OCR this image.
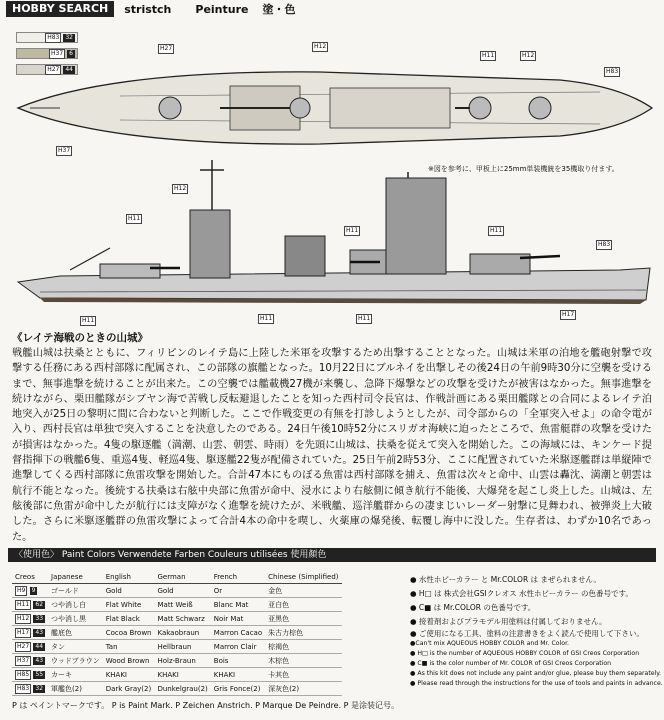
HOBBY SEARCH	stristch Peinture 塗・色
H83	32
H37	6
H27	44
H27	H12
H11	H12
H83
H37
※図を参考に、甲板上に25mm単装機銃を35機取り付ます。
H12
H11
H11	H11
H83
H11	H11	H11
H17
《レイテ海戦のときの山城》
戦艦山城は扶桑とともに、フィリピンのレイテ島に上陸した米軍を攻撃するため出撃することとなった。山城は米軍の泊地を艦砲射撃で攻撃する任務にある西村部隊に配属され、この部隊の旗艦となった。10月22日にブルネイを出撃しその後24日の午前9時30分に空襲を受けるまで、無事進撃を続けることが出来た。この空襲では艦載機27機が来襲し、急降下爆撃などの攻撃を受けたが被害はなかった。無事進撃を続けながら、栗田艦隊がシブヤン海で苦戦し反転避退したことを知った西村司令長官は、作戦計画にある栗田艦隊との合同によるレイテ泊地突入が25日の黎明に間に合わないと判断した。ここで作戦変更の有無を打診しようとしたが、司令部からの「全軍突入せよ」の命令電が入り、西村長官は単独で突入することを決意したのである。24日午後10時52分にスリガオ海峡に迫ったところで、魚雷艇群の攻撃を受けたが損害はなかった。4隻の駆逐艦（満潮、山雲、朝雲、時雨）を先頭に山城は、扶桑を従えて突入を開始した。この海域には、キンケード提督指揮下の戦艦6隻、重巡4隻、軽巡4隻、駆逐艦22隻が配備されていた。25日午前2時53分、ここに配置されていた米駆逐艦群は単縦陣で進撃してくる西村部隊に魚雷攻撃を開始した。合計47本にものぼる魚雷は西村部隊を捕え、魚雷は次々と命中、山雲は轟沈、満潮と朝雲は航行不能となった。後続する扶桑は右舷中央部に魚雷が命中、浸水により右舷側に傾き航行不能後、大爆発を起こし炎上した。山城は、左舷後部に魚雷が命中したが航行には支障がなく進撃を続けたが、米戦艦、巡洋艦群からの凄まじいレーダー射撃に見舞われ、被弾炎上大破した。さらに米駆逐艦群の魚雷攻撃によって合計4本の命中を喫し、火薬庫の爆発後、転覆し海中に没した。生存者は、わずか10名であった。
〈使用色〉 Paint Colors Verwendete Farben Couleurs utilisées 使用顏色
Creos	Japanese	English	German	French	Chinese (Simplified)
H9 9	ゴールド	Gold	Gold	Or	金色
H11 62	つや消し白	Flat White	Matt Weiß	Blanc Mat	亚白色
H12 33	つや消し黒	Flat Black	Matt Schwarz	Noir Mat	亚黑色
H17 43	艦底色	Cocoa Brown	Kakaobraun	Marron Cacao	朱古力棕色
H27 44	タン	Tan	Hellbraun	Marron Clair	棕褐色
H37 43	ウッドブラウン	Wood Brown	Holz-Braun	Bois	木棕色
H85 55	カーキ	KHAKI	KHAKI	KHAKI	卡其色
H83 32	軍艦色(2)	Dark Gray(2)	Dunkelgrau(2)	Gris Fonce(2)	深灰色(2)
● 水性ホビーカラー と Mr.COLOR は まぜられません。
● H□ は 株式会社GSIクレオス 水性ホビーカラー の色番号です。
● C■ は Mr.COLOR の色番号です。
● 接着剤およびプラモデル用塗料は付属しておりません。
● ご使用になる工具、塗料の注意書きをよく読んで使用して下さい。
●Can't mix AQUEOUS HOBBY COLOR and Mr. Color.
● H□ is the number of AQUEOUS HOBBY COLOR of GSI Creos Corporation
● C■ is the color number of Mr. COLOR of GSI Creos Corporation
● As this kit does not include any paint and/or glue, please buy them separately.
● Please read through the instructions for the use of tools and paints in advance.
P は ペイントマークです。 P is Paint Mark. P Zeichen Anstrich. P Marque De Peindre. P 是涂装记号。
